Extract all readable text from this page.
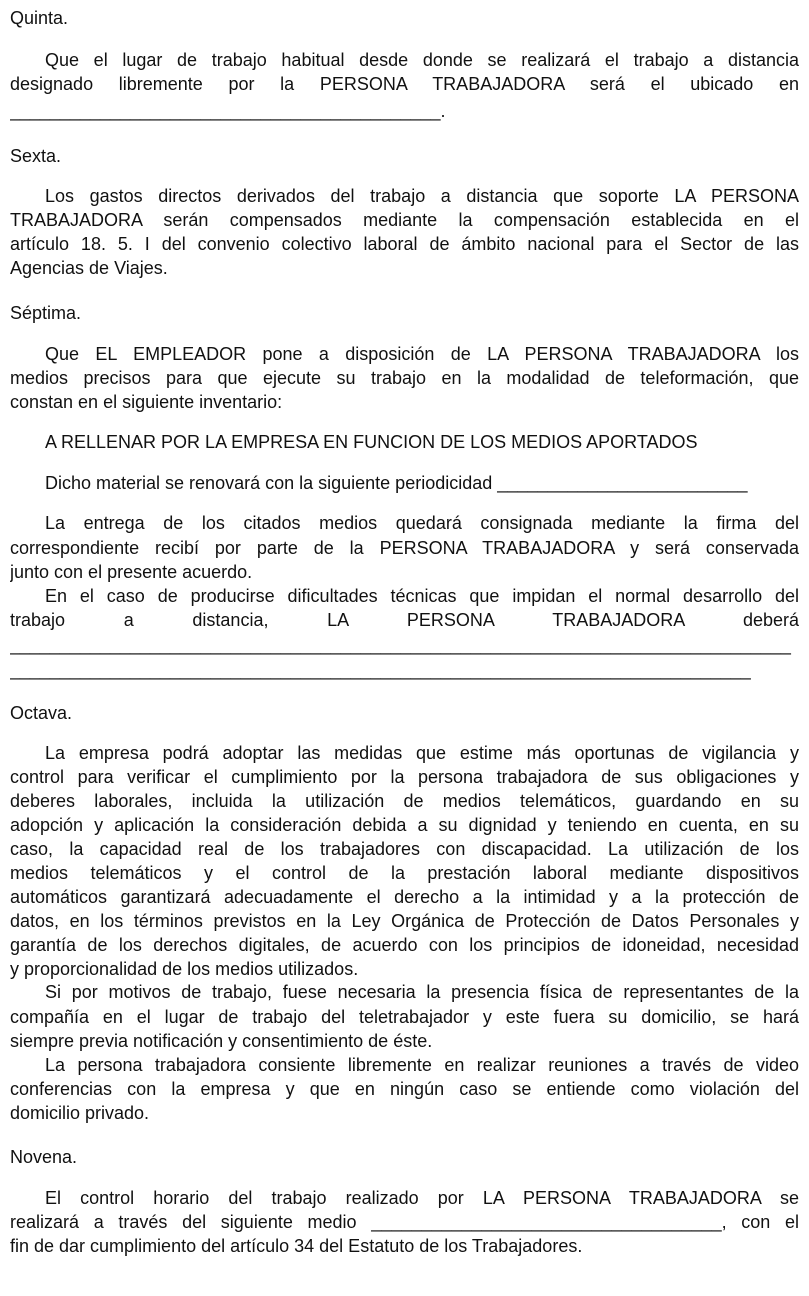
Quinta.
Que el lugar de trabajo habitual desde donde se realizará el trabajo a distancia
designado libremente por la PERSONA TRABAJADORA será el ubicado en
___________________________________________.
Sexta.
Los gastos directos derivados del trabajo a distancia que soporte LA PERSONA
TRABAJADORA serán compensados mediante la compensación establecida en el
artículo 18. 5. I del convenio colectivo laboral de ámbito nacional para el Sector de las
Agencias de Viajes.
Séptima.
Que EL EMPLEADOR pone a disposición de LA PERSONA TRABAJADORA los
medios precisos para que ejecute su trabajo en la modalidad de teleformación, que
constan en el siguiente inventario:
A RELLENAR POR LA EMPRESA EN FUNCION DE LOS MEDIOS APORTADOS
Dicho material se renovará con la siguiente periodicidad _________________________
La entrega de los citados medios quedará consignada mediante la firma del
correspondiente recibí por parte de la PERSONA TRABAJADORA y será conservada
junto con el presente acuerdo.
En el caso de producirse dificultades técnicas que impidan el normal desarrollo del
trabajo a distancia, LA PERSONA TRABAJADORA deberá
______________________________________________________________________________
__________________________________________________________________________
Octava.
La empresa podrá adoptar las medidas que estime más oportunas de vigilancia y
control para verificar el cumplimiento por la persona trabajadora de sus obligaciones y
deberes laborales, incluida la utilización de medios telemáticos, guardando en su
adopción y aplicación la consideración debida a su dignidad y teniendo en cuenta, en su
caso, la capacidad real de los trabajadores con discapacidad. La utilización de los
medios telemáticos y el control de la prestación laboral mediante dispositivos
automáticos garantizará adecuadamente el derecho a la intimidad y a la protección de
datos, en los términos previstos en la Ley Orgánica de Protección de Datos Personales y
garantía de los derechos digitales, de acuerdo con los principios de idoneidad, necesidad
y proporcionalidad de los medios utilizados.
Si por motivos de trabajo, fuese necesaria la presencia física de representantes de la
compañía en el lugar de trabajo del teletrabajador y este fuera su domicilio, se hará
siempre previa notificación y consentimiento de éste.
La persona trabajadora consiente libremente en realizar reuniones a través de video
conferencias con la empresa y que en ningún caso se entiende como violación del
domicilio privado.
Novena.
El control horario del trabajo realizado por LA PERSONA TRABAJADORA se
realizará a través del siguiente medio ___________________________________, con el
fin de dar cumplimiento del artículo 34 del Estatuto de los Trabajadores.
